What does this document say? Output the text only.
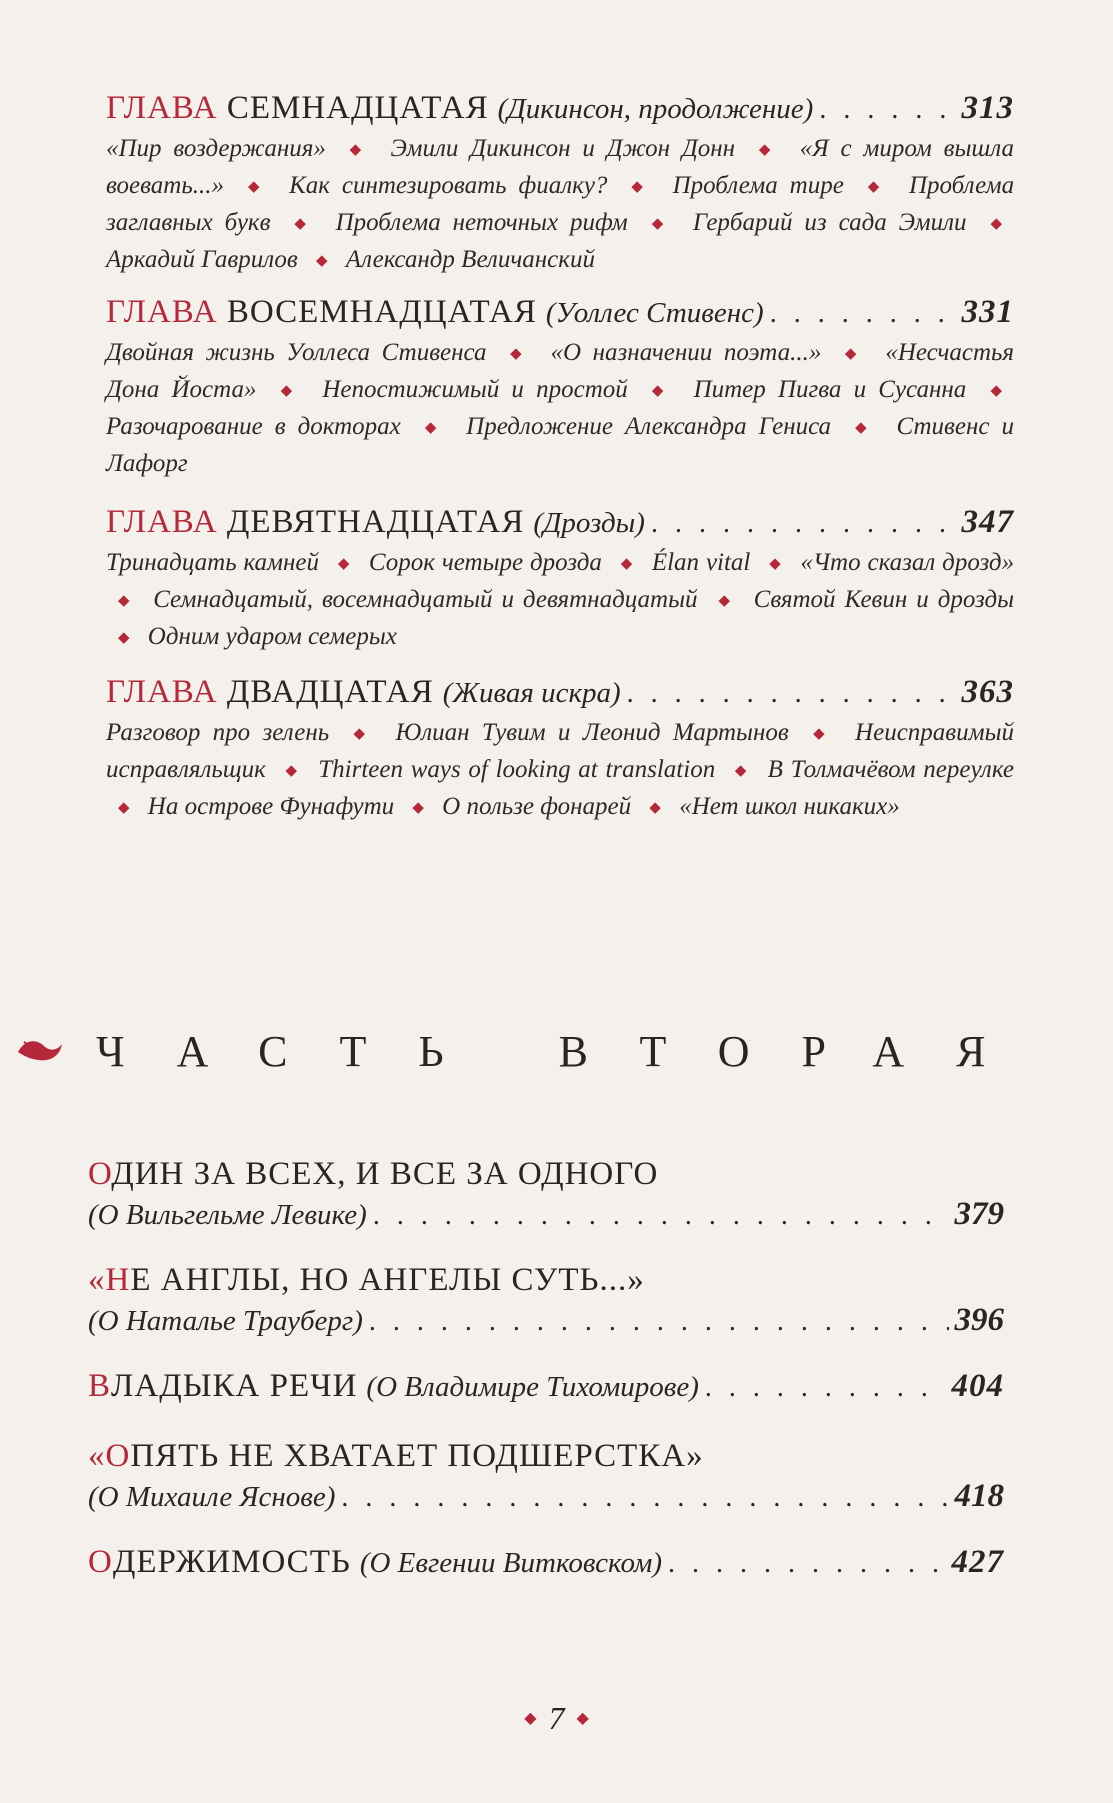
ГЛАВА
СЕМНАДЦАТАЯ (Дикинсон, продолжение) . . .	313
«Пир воздержания» ◆ Эмили Дикинсон и Джон Донн ◆ «Я с миром вышла воевать...» ◆ Как синтезировать фиалку? ◆ Проблема тире ◆ Проблема заглавных букв ◆ Проблема неточных рифм ◆ Гербарий из сада Эмили ◆ Аркадий Гаврилов ◆ Александр Величанский
ГЛАВА
ВОСЕМНАДЦАТАЯ (Уоллес Стивенс) . . .	331
Двойная жизнь Уоллеса Стивенса ◆ «О назначении поэта...» ◆ «Несчастья Дона Йоста» ◆ Непостижимый и простой ◆ Питер Пигва и Сусанна ◆ Разочарование в докторах ◆ Предложение Александра Гениса ◆ Стивенс и Лафорг
ГЛАВА
ДЕВЯТНАДЦАТАЯ (Дрозды) . . .	347
Тринадцать камней ◆ Сорок четыре дрозда ◆ Élan vital ◆ «Что сказал дрозд» ◆ Семнадцатый, восемнадцатый и девятнадцатый ◆ Святой Кевин и дрозды ◆ Одним ударом семерых
ГЛАВА
ДВАДЦАТАЯ (Живая искра) . . .	363
Разговор про зелень ◆ Юлиан Тувим и Леонид Мартынов ◆ Неисправимый исправляльщик ◆ Thirteen ways of looking at translation ◆ В Толмачёвом переулке ◆ На острове Фунафути ◆ О пользе фонарей ◆ «Нет школ никаких»
ЧАСТЬ ВТОРАЯ
ОДИН ЗА ВСЕХ, И ВСЕ ЗА ОДНОГО
(О Вильгельме Левике) . . .	379
«НЕ АНГЛЫ, НО АНГЕЛЫ СУТЬ...»
(О Наталье Трауберг) . . .	396
В ЛАДЫКА РЕЧИ (О Владимире Тихомирове) . . .	404
«ОПЯТЬ НЕ ХВАТАЕТ ПОДШЕРСТКА»
(О Михаиле Яснове) . . .	418
О ДЕРЖИМОСТЬ (О Евгении Витковском) . . .	427
◆ 7 ◆
